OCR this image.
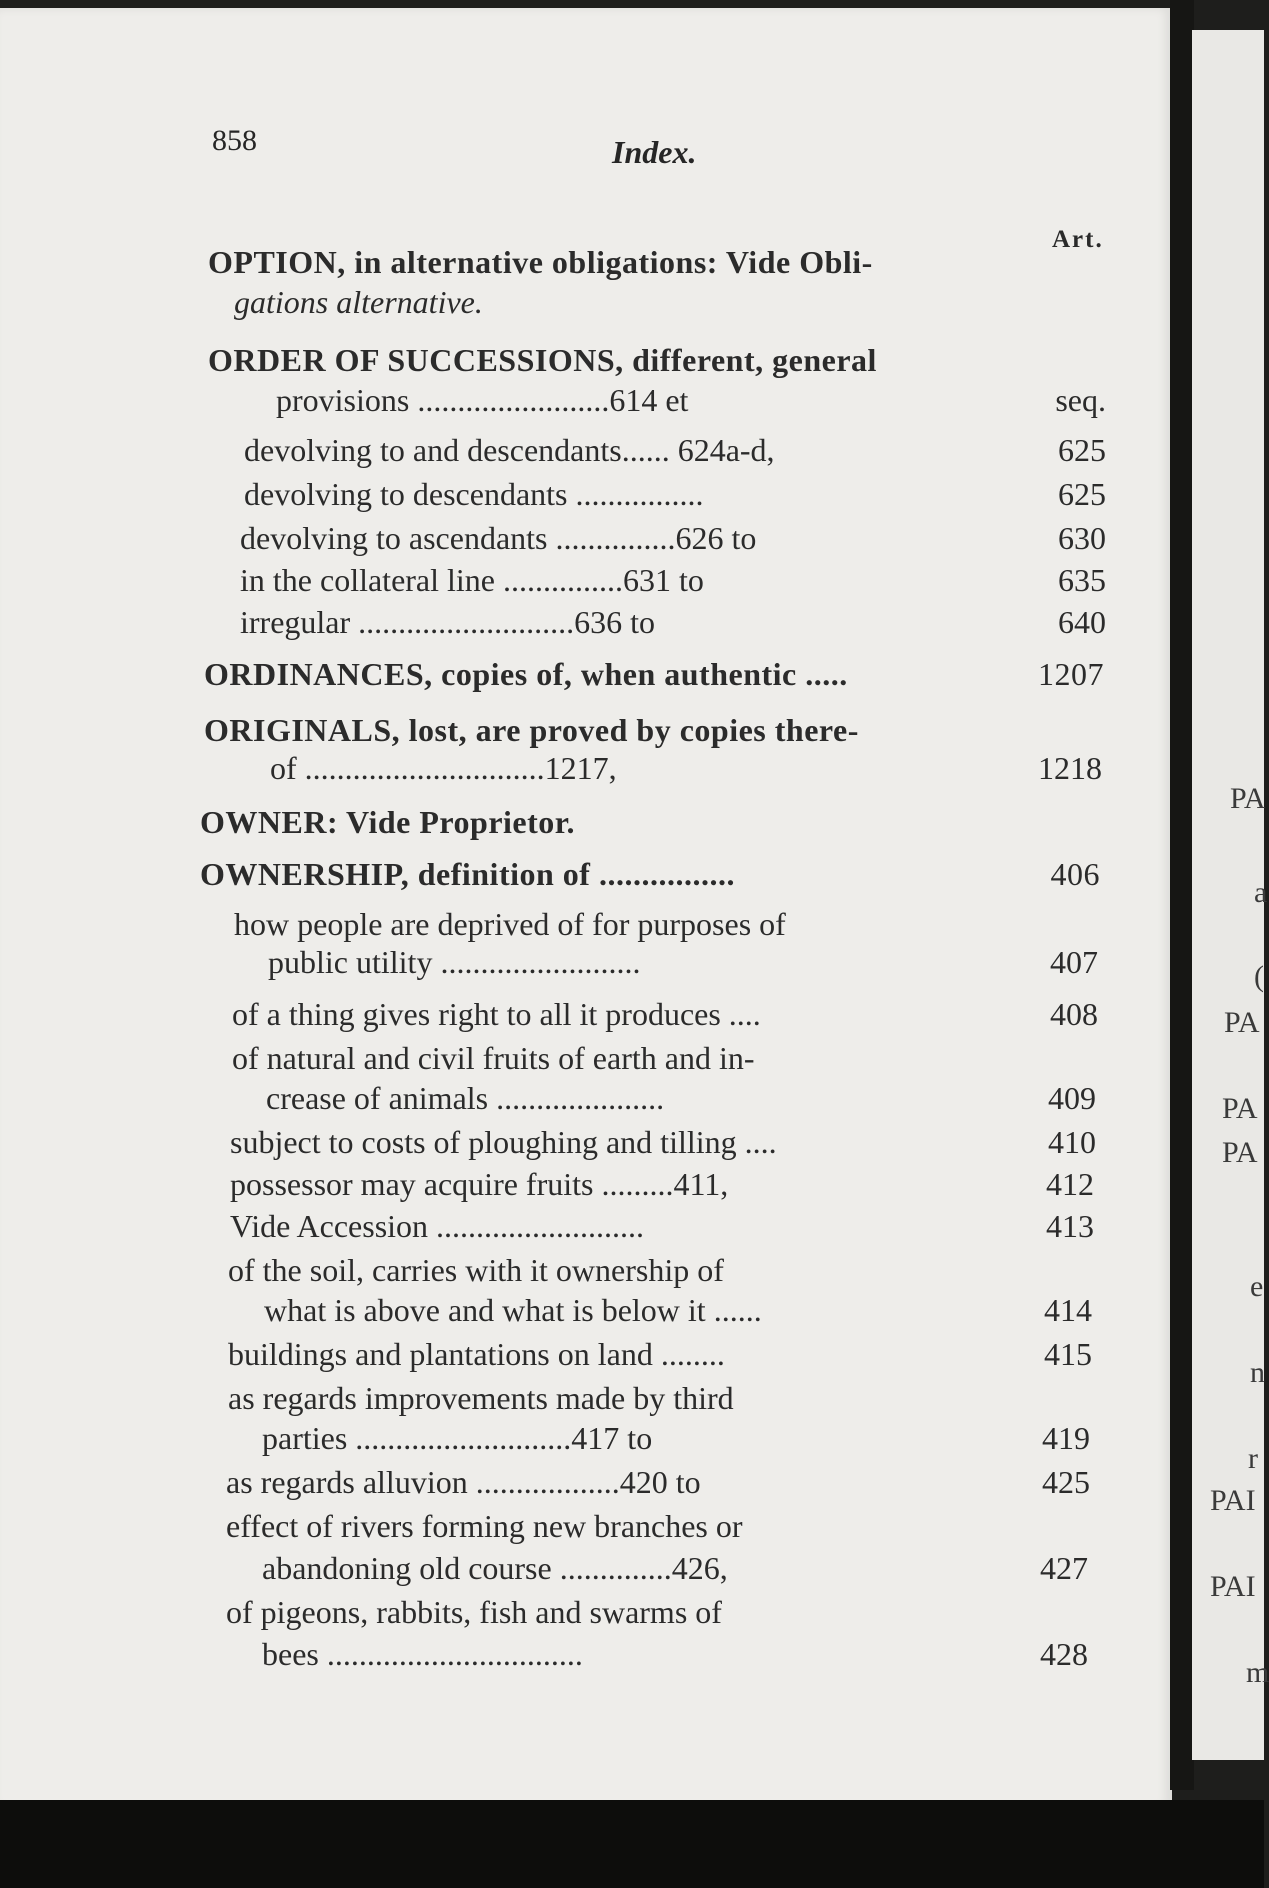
858	Index.
Art.
OPTION, in alternative obligations: Vide Obli-
gations alternative.
ORDER OF SUCCESSIONS, different, general
provisions ........................614 et	seq.
devolving to and descendants...... 624a-d,	625
devolving to descendants ................	625
devolving to ascendants ...............626 to	630
in the collateral line ...............631 to	635
irregular ...........................636 to	640
ORDINANCES, copies of, when authentic .....	1207
ORIGINALS, lost, are proved by copies there-
of ..............................1217,	1218
OWNER: Vide Proprietor.
OWNERSHIP, definition of ................	406
how people are deprived of for purposes of
public utility .........................	407
of a thing gives right to all it produces ....	408
of natural and civil fruits of earth and in-
crease of animals .....................	409
subject to costs of ploughing and tilling ....	410
possessor may acquire fruits .........411,	412
Vide Accession ..........................	413
of the soil, carries with it ownership of
what is above and what is below it ......	414
buildings and plantations on land ........	415
as regards improvements made by third
parties ...........................417 to	419
as regards alluvion ..................420 to	425
effect of rivers forming new branches or
abandoning old course ..............426,	427
of pigeons, rabbits, fish and swarms of
bees ................................	428
PA
a
(
PA
PA
PA
e
n
r
PAI
PAI
m
